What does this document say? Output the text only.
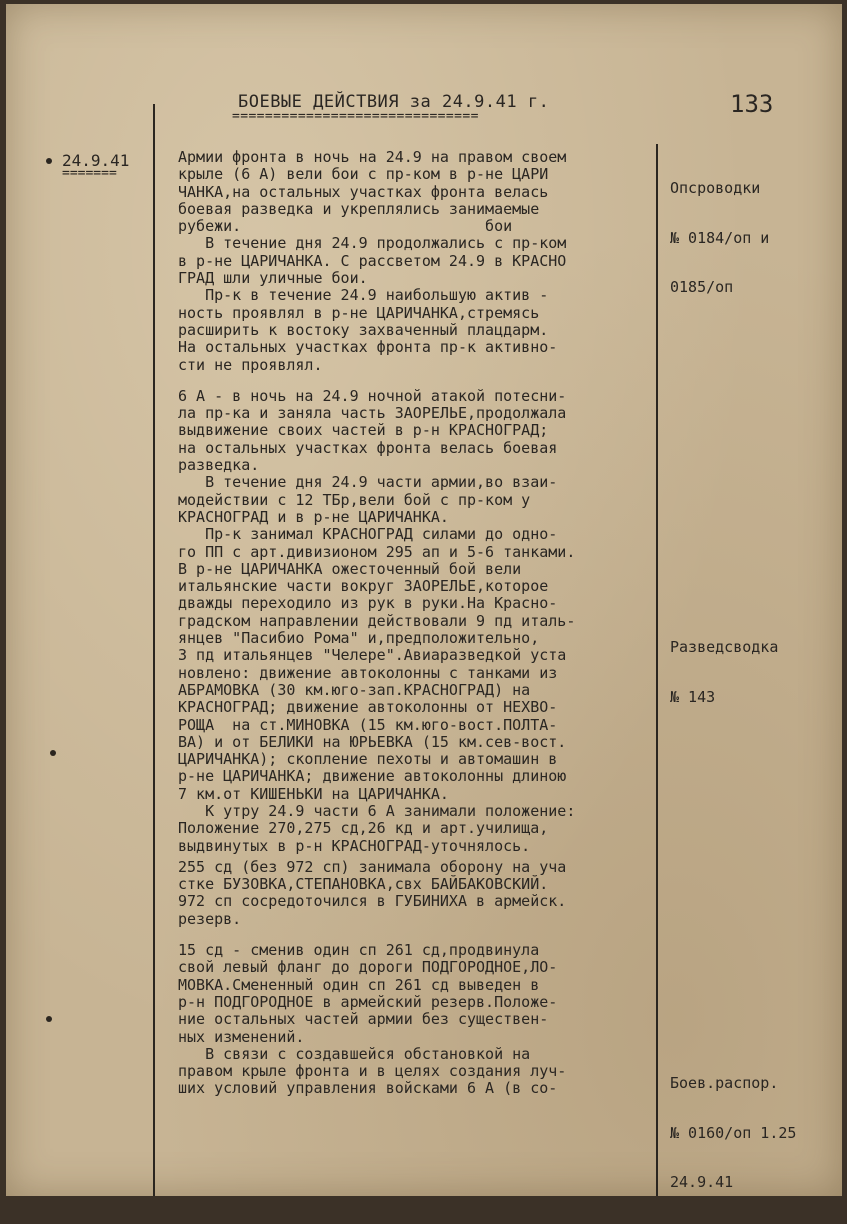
БОЕВЫЕ ДЕЙСТВИЯ за 24.9.41 г.
==============================	133
24.9.41
=======
Армии фронта в ночь на 24.9 на правом своем
крыле (6 А) вели бои с пр-ком в р-не ЦАРИ
ЧАНКА,на остальных участках фронта велась
боевая разведка и укреплялись занимаемые
рубежи.                           бои
В течение дня 24.9 продолжались с пр-ком
в р-не ЦАРИЧАНКА. С рассветом 24.9 в КРАСНО
ГРАД шли уличные бои.
Пр-к в течение 24.9 наибольшую актив -
ность проявлял в р-не ЦАРИЧАНКА,стремясь
расширить к востоку захваченный плацдарм.
На остальных участках фронта пр-к активно-
сти не проявлял.
6 А - в ночь на 24.9 ночной атакой потесни-
ла пр-ка и заняла часть ЗАОРЕЛЬЕ,продолжала
выдвижение своих частей в р-н КРАСНОГРАД;
на остальных участках фронта велась боевая
разведка.
В течение дня 24.9 части армии,во взаи-
модействии с 12 ТБр,вели бой с пр-ком у
КРАСНОГРАД и в р-не ЦАРИЧАНКА.
Пр-к занимал КРАСНОГРАД силами до одно-
го ПП с арт.дивизионом 295 ап и 5-6 танками.
В р-не ЦАРИЧАНКА ожесточенный бой вели
итальянские части вокруг ЗАОРЕЛЬЕ,которое
дважды переходило из рук в руки.На Красно-
градском направлении действовали 9 пд италь-
янцев "Пасибио Рома" и,предположительно,
3 пд итальянцев "Челере".Авиаразведкой уста
новлено: движение автоколонны с танками из
АБРАМОВКА (30 км.юго-зап.КРАСНОГРАД) на
КРАСНОГРАД; движение автоколонны от НЕХВО-
РОЩА  на ст.МИНОВКА (15 км.юго-вост.ПОЛТА-
ВА) и от БЕЛИКИ на ЮРЬЕВКА (15 км.сев-вост.
ЦАРИЧАНКА); скопление пехоты и автомашин в
р-не ЦАРИЧАНКА; движение автоколонны длиною
7 км.от КИШЕНЬКИ на ЦАРИЧАНКА.
К утру 24.9 части 6 А занимали положение:
Положение 270,275 сд,26 кд и арт.училища,
выдвинутых в р-н КРАСНОГРАД-уточнялось.
255 сд (без 972 сп) занимала оборону на уча
стке БУЗОВКА,СТЕПАНОВКА,свх БАЙБАКОВСКИЙ.
972 сп сосредоточился в ГУБИНИХА в армейск.
резерв.
15 сд - сменив один сп 261 сд,продвинула
свой левый фланг до дороги ПОДГОРОДНОЕ,ЛО-
МОВКА.Смененный один сп 261 сд выведен в
р-н ПОДГОРОДНОЕ в армейский резерв.Положе-
ние остальных частей армии без существен-
ных изменений.
В связи с создавшейся обстановкой на
правом крыле фронта и в целях создания луч-
ших условий управления войсками 6 А (в со-

Опсроводки

№ 0184/оп и

0185/оп

Разведсводка

№ 143

Боев.распор.

№ 0160/оп 1.25

24.9.41
